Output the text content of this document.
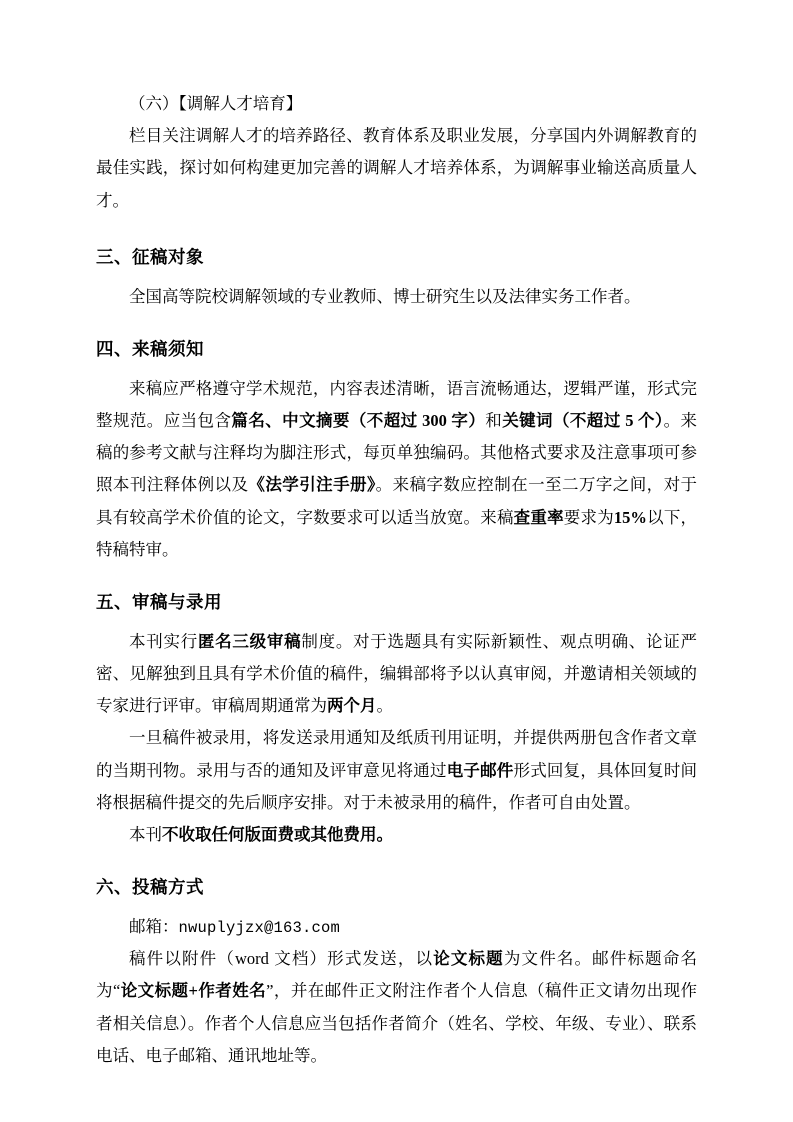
（六）【调解人才培育】

栏目关注调解人才的培养路径、教育体系及职业发展，分享国内外调解教育的最佳实践，探讨如何构建更加完善的调解人才培养体系，为调解事业输送高质量人才。

三、征稿对象

全国高等院校调解领域的专业教师、博士研究生以及法律实务工作者。

四、来稿须知

来稿应严格遵守学术规范，内容表述清晰，语言流畅通达，逻辑严谨，形式完整规范。应当包含篇名、中文摘要（不超过 300 字）和关键词（不超过 5 个）。来稿的参考文献与注释均为脚注形式，每页单独编码。其他格式要求及注意事项可参照本刊注释体例以及《法学引注手册》。来稿字数应控制在一至二万字之间，对于具有较高学术价值的论文，字数要求可以适当放宽。来稿查重率要求为15%以下，特稿特审。

五、审稿与录用

本刊实行匿名三级审稿制度。对于选题具有实际新颖性、观点明确、论证严密、见解独到且具有学术价值的稿件，编辑部将予以认真审阅，并邀请相关领域的专家进行评审。审稿周期通常为两个月。

一旦稿件被录用，将发送录用通知及纸质刊用证明，并提供两册包含作者文章的当期刊物。录用与否的通知及评审意见将通过电子邮件形式回复，具体回复时间将根据稿件提交的先后顺序安排。对于未被录用的稿件，作者可自由处置。

本刊不收取任何版面费或其他费用。

六、投稿方式

邮箱：nwuplyjzx@163.com

稿件以附件（word 文档）形式发送，以论文标题为文件名。邮件标题命名为“论文标题+作者姓名”，并在邮件正文附注作者个人信息（稿件正文请勿出现作者相关信息）。作者个人信息应当包括作者简介（姓名、学校、年级、专业）、联系电话、电子邮箱、通讯地址等。
